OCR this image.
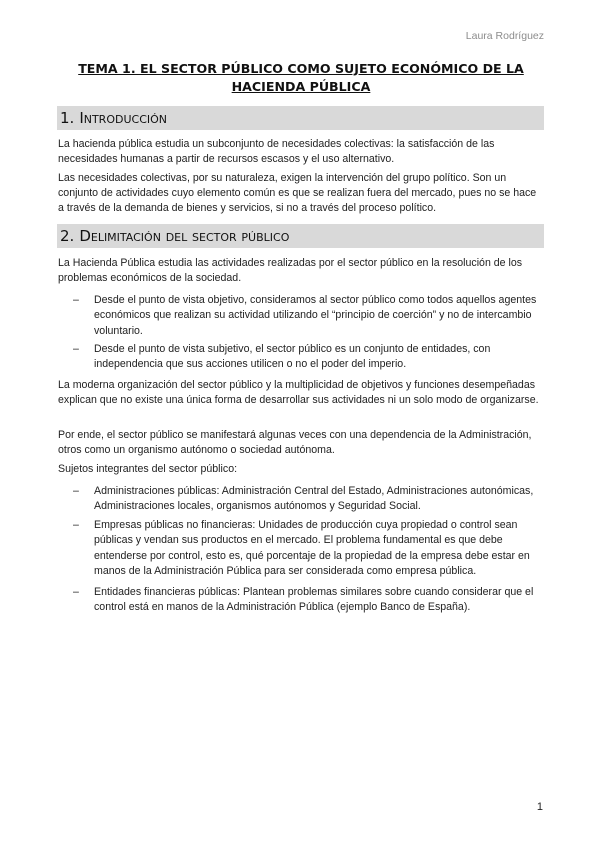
Laura Rodríguez
TEMA 1. EL SECTOR PÚBLICO COMO SUJETO ECONÓMICO DE LA HACIENDA PÚBLICA
1. Introducción

La hacienda pública estudia un subconjunto de necesidades colectivas: la satisfacción de las necesidades humanas a partir de recursos escasos y el uso alternativo.

Las necesidades colectivas, por su naturaleza, exigen la intervención del grupo político. Son un conjunto de actividades cuyo elemento común es que se realizan fuera del mercado, pues no se hace a través de la demanda de bienes y servicios, si no a través del proceso político.

2. Delimitación del sector público

La Hacienda Pública estudia las actividades realizadas por el sector público en la resolución de los problemas económicos de la sociedad.

– Desde el punto de vista objetivo, consideramos al sector público como todos aquellos agentes económicos que realizan su actividad utilizando el “principio de coerción” y no de intercambio voluntario.
– Desde el punto de vista subjetivo, el sector público es un conjunto de entidades, con independencia que sus acciones utilicen o no el poder del imperio.

La moderna organización del sector público y la multiplicidad de objetivos y funciones desempeñadas explican que no existe una única forma de desarrollar sus actividades ni un solo modo de organizarse.

Por ende, el sector público se manifestará algunas veces con una dependencia de la Administración, otros como un organismo autónomo o sociedad autónoma.

Sujetos integrantes del sector público:

– Administraciones públicas: Administración Central del Estado, Administraciones autonómicas, Administraciones locales, organismos autónomos y Seguridad Social.
– Empresas públicas no financieras: Unidades de producción cuya propiedad o control sean públicas y vendan sus productos en el mercado. El problema fundamental es que debe entenderse por control, esto es, qué porcentaje de la propiedad de la empresa debe estar en manos de la Administración Pública para ser considerada como empresa pública.
– Entidades financieras públicas: Plantean problemas similares sobre cuando considerar que el control está en manos de la Administración Pública (ejemplo Banco de España).
1
